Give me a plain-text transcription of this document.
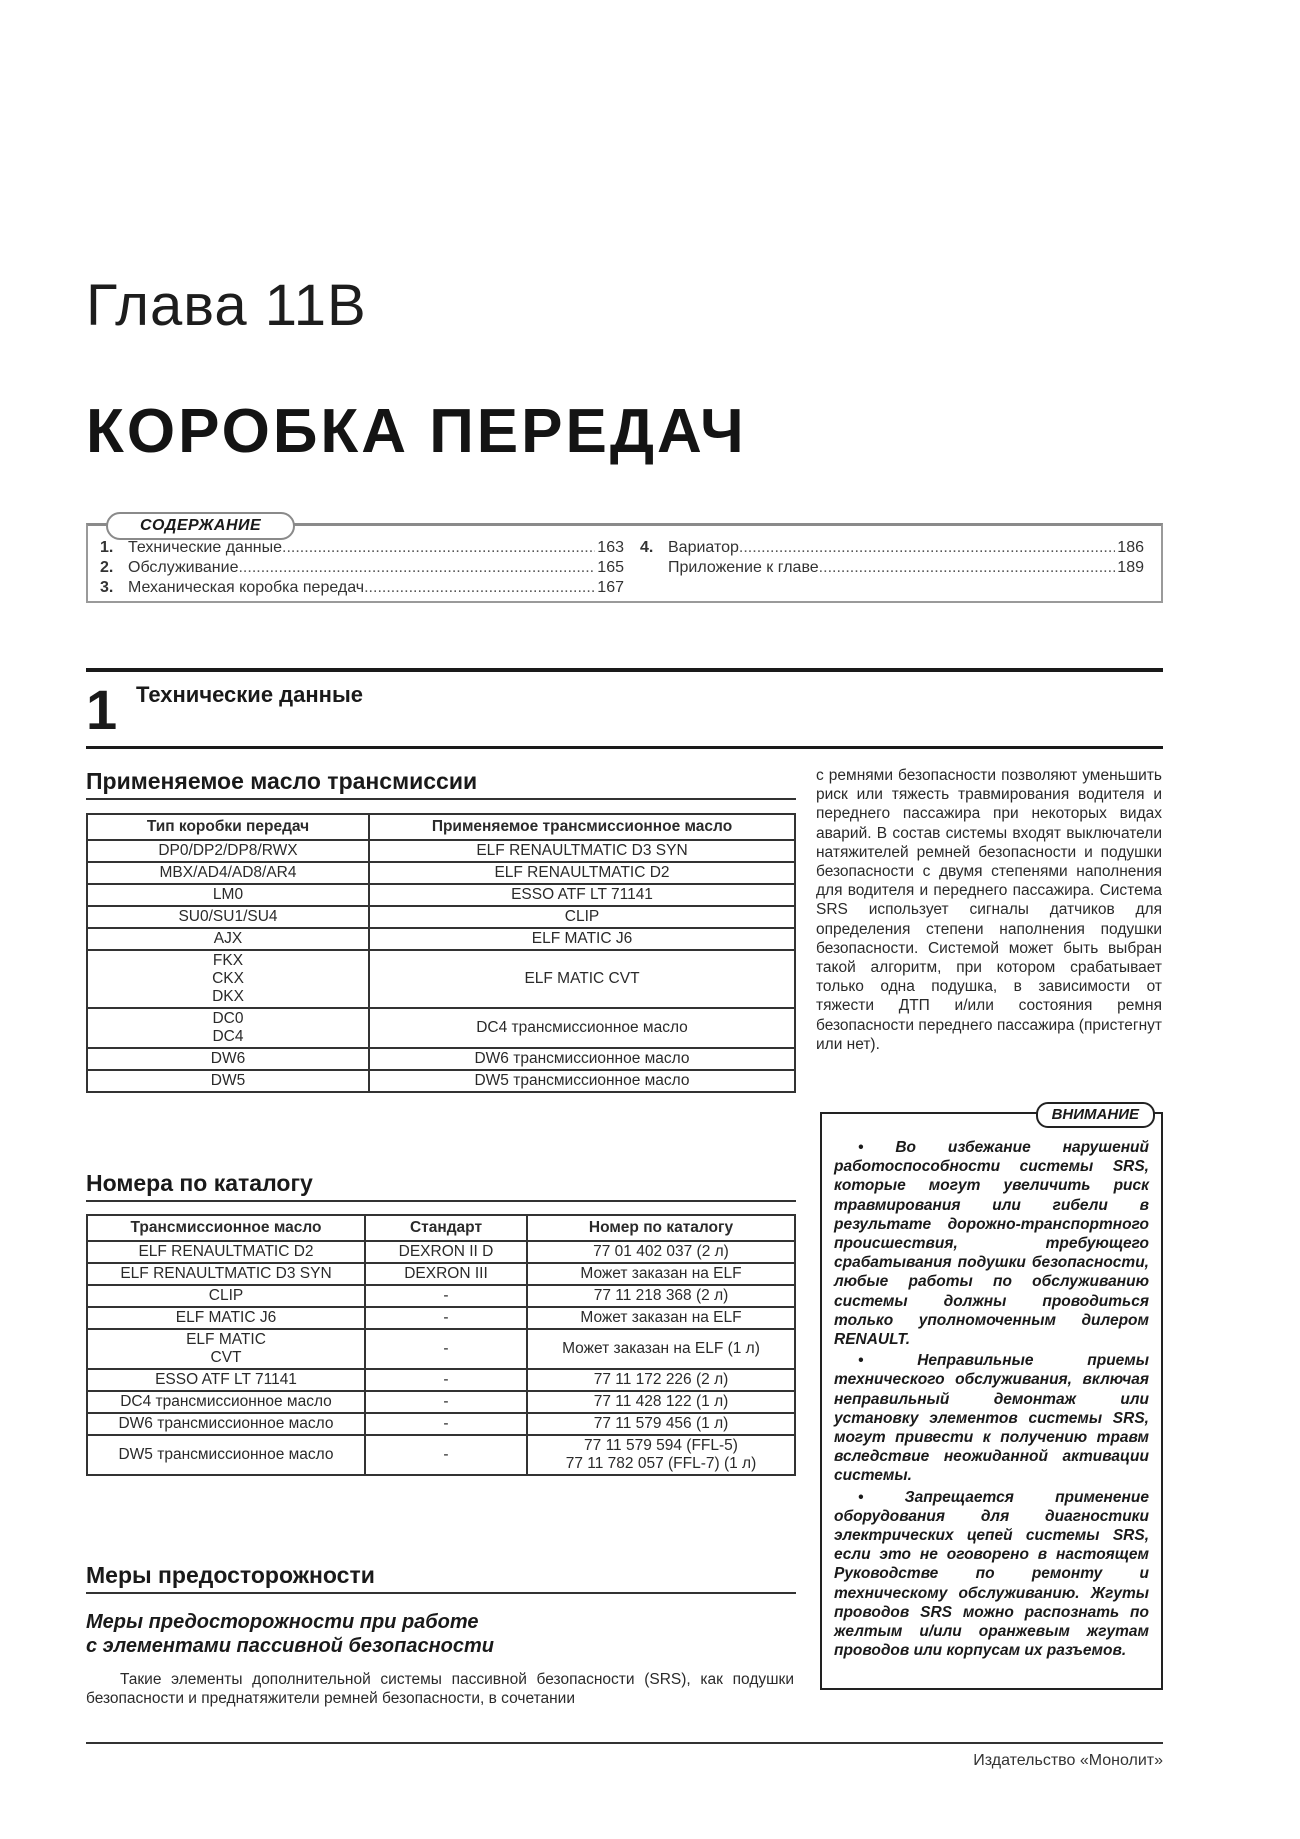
Глава 11В
КОРОБКА ПЕРЕДАЧ
СОДЕРЖАНИЕ
1. Технические данные .....	163
2. Обслуживание .....	165
3. Механическая коробка передач .....	167
4. Вариатор .....	186
Приложение к главе .....	189
1 Технические данные
Применяемое масло трансмиссии
Тип коробки передач	Применяемое трансмиссионное масло

DP0/DP2/DP8/RWX	ELF RENAULTMATIC D3 SYN

MBX/AD4/AD8/AR4	ELF RENAULTMATIC D2

LM0	ESSO ATF LT 71141

SU0/SU1/SU4	CLIP

AJX	ELF MATIC J6

FKX
CKX
DKX	ELF MATIC CVT

DC0
DC4	DC4 трансмиссионное масло

DW6	DW6 трансмиссионное масло

DW5	DW5 трансмиссионное масло
Номера по каталогу
Трансмиссионное масло	Стандарт	Номер по каталогу

ELF RENAULTMATIC D2	DEXRON II D	77 01 402 037 (2 л)

ELF RENAULTMATIC D3 SYN	DEXRON III	Может заказан на ELF

CLIP	-	77 11 218 368 (2 л)

ELF MATIC J6	-	Может заказан на ELF

ELF MATIC
CVT	-	Может заказан на ELF (1 л)

ESSO ATF LT 71141	-	77 11 172 226 (2 л)

DC4 трансмиссионное масло	-	77 11 428 122 (1 л)

DW6 трансмиссионное масло	-	77 11 579 456 (1 л)

DW5 трансмиссионное масло	-	77 11 579 594 (FFL-5)
77 11 782 057 (FFL-7) (1 л)
Меры предосторожности
Меры предосторожности при работе
с элементами пассивной безопасности
Такие элементы дополнительной системы пассивной безопасности (SRS), как подушки безопасности и преднатяжители ремней безопасности, в сочетании
с ремнями безопасности позволяют уменьшить риск или тяжесть травмирования водителя и переднего пассажира при некоторых видах аварий. В состав системы входят выключатели натяжителей ремней безопасности и подушки безопасности с двумя степенями наполнения для водителя и переднего пассажира. Система SRS использует сигналы датчиков для определения степени наполнения подушки безопасности. Системой может быть выбран такой алгоритм, при котором срабатывает только одна подушка, в зависимости от тяжести ДТП и/или состояния ремня безопасности переднего пассажира (пристегнут или нет).
ВНИМАНИЕ

• Во избежание нарушений работоспособности системы SRS, которые могут увеличить риск травмирования или гибели в результате дорожно-транспортного происшествия, требующего срабатывания подушки безопасности, любые работы по обслуживанию системы должны проводиться только уполномоченным дилером RENAULT.

• Неправильные приемы технического обслуживания, включая неправильный демонтаж или установку элементов системы SRS, могут привести к получению травм вследствие неожиданной активации системы.

• Запрещается применение оборудования для диагностики электрических цепей системы SRS, если это не оговорено в настоящем Руководстве по ремонту и техническому обслуживанию. Жгуты проводов SRS можно распознать по желтым и/или оранжевым жгутам проводов или корпусам их разъемов.

Издательство «Монолит»
